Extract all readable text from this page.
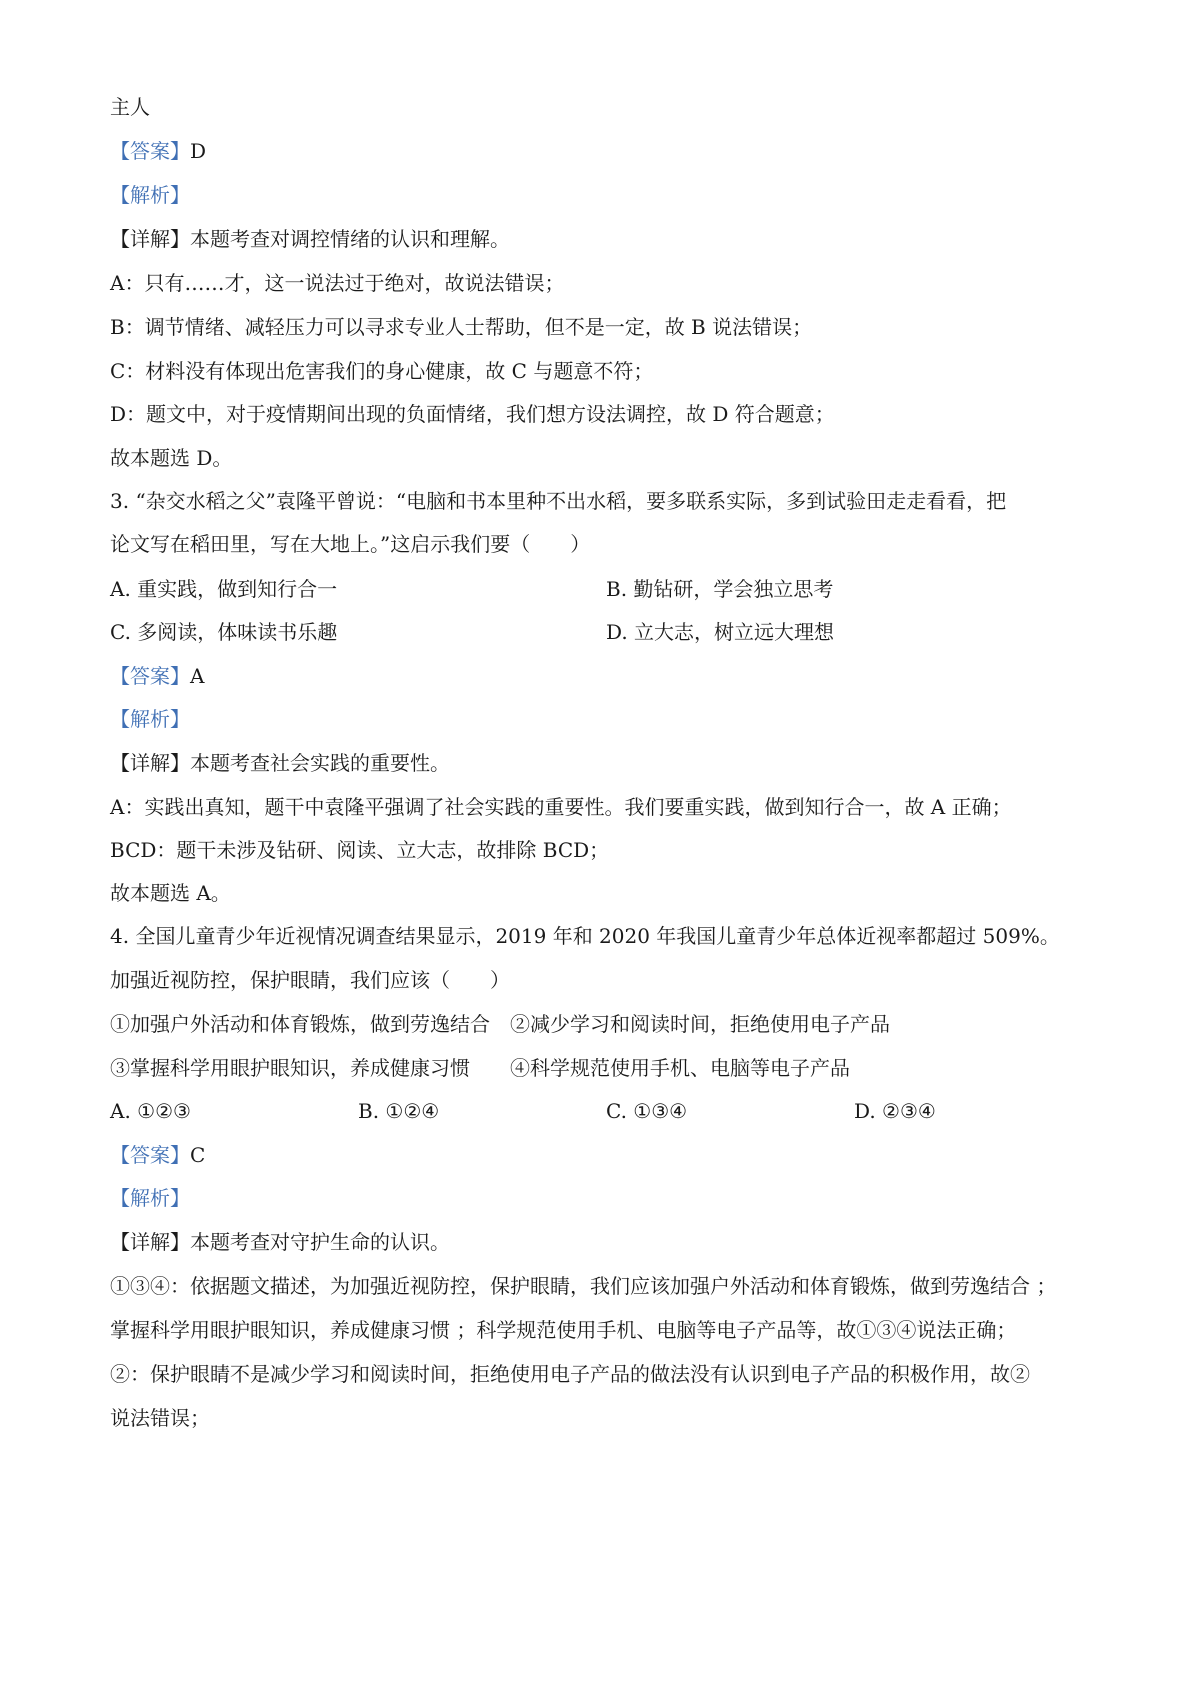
主人
【答案】D
【解析】
【详解】本题考查对调控情绪的认识和理解。
A：只有……才，这一说法过于绝对，故说法错误；
B：调节情绪、减轻压力可以寻求专业人士帮助，但不是一定，故 B 说法错误；
C：材料没有体现出危害我们的身心健康，故 C 与题意不符；
D：题文中，对于疫情期间出现的负面情绪，我们想方设法调控，故 D 符合题意；
故本题选 D。
3. “杂交水稻之父”袁隆平曾说：“电脑和书本里种不出水稻，要多联系实际，多到试验田走走看看，把
论文写在稻田里，写在大地上。”这启示我们要（　　）
A. 重实践，做到知行合一	B. 勤钻研，学会独立思考
C. 多阅读，体味读书乐趣	D. 立大志，树立远大理想
【答案】A
【解析】
【详解】本题考查社会实践的重要性。
A：实践出真知，题干中袁隆平强调了社会实践的重要性。我们要重实践，做到知行合一，故 A 正确；
BCD：题干未涉及钻研、阅读、立大志，故排除 BCD；
故本题选 A。
4. 全国儿童青少年近视情况调查结果显示，2019 年和 2020 年我国儿童青少年总体近视率都超过 509%。
加强近视防控，保护眼睛，我们应该（　　）
①加强户外活动和体育锻炼，做到劳逸结合　②减少学习和阅读时间，拒绝使用电子产品
③掌握科学用眼护眼知识，养成健康习惯　　④科学规范使用手机、电脑等电子产品
A. ①②③	B. ①②④	C. ①③④	D. ②③④
【答案】C
【解析】
【详解】本题考查对守护生命的认识。
①③④：依据题文描述，为加强近视防控，保护眼睛，我们应该加强户外活动和体育锻炼，做到劳逸结合 ；
掌握科学用眼护眼知识，养成健康习惯 ；科学规范使用手机、电脑等电子产品等，故①③④说法正确；
②：保护眼睛不是减少学习和阅读时间，拒绝使用电子产品的做法没有认识到电子产品的积极作用，故②
说法错误；
